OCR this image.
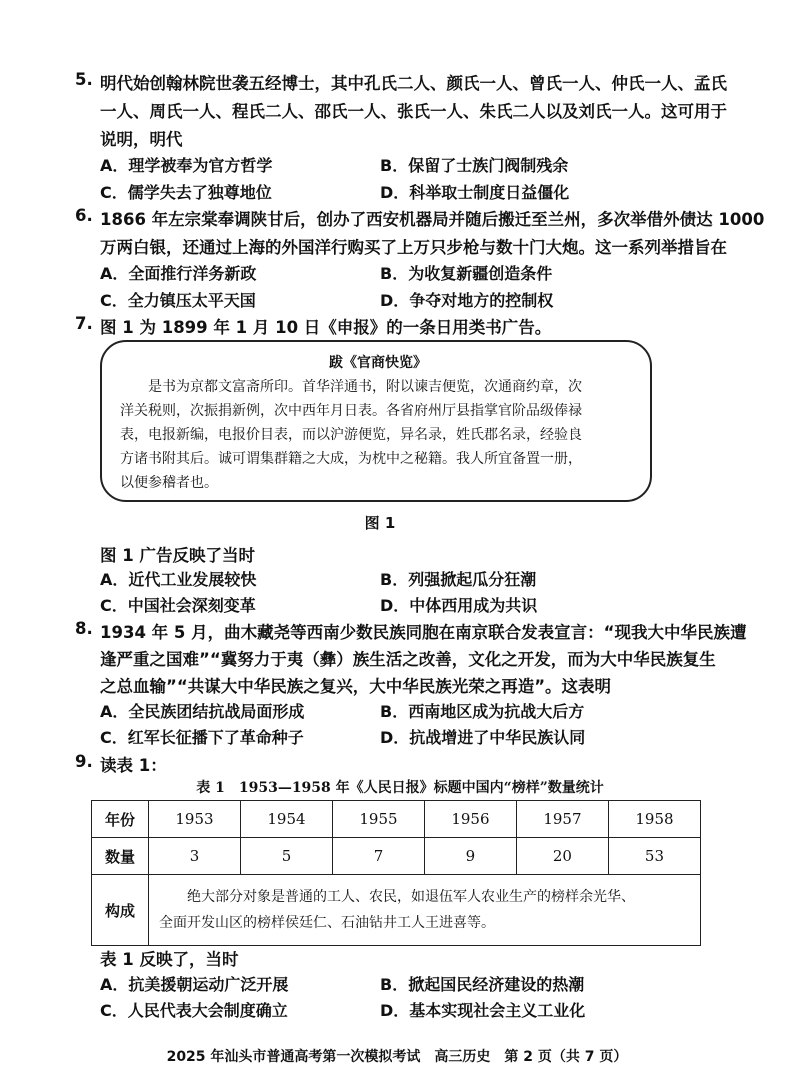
5. 明代始创翰林院世袭五经博士，其中孔氏二人、颜氏一人、曾氏一人、仲氏一人、孟氏
一人、周氏一人、程氏二人、邵氏一人、张氏一人、朱氏二人以及刘氏一人。这可用于
说明，明代
A．理学被奉为官方哲学	B．保留了士族门阀制残余
C．儒学失去了独尊地位	D．科举取士制度日益僵化
6. 1866 年左宗棠奉调陕甘后，创办了西安机器局并随后搬迁至兰州，多次举借外债达 1000
万两白银，还通过上海的外国洋行购买了上万只步枪与数十门大炮。这一系列举措旨在
A．全面推行洋务新政	B．为收复新疆创造条件
C．全力镇压太平天国	D．争夺对地方的控制权
7. 图 1 为 1899 年 1 月 10 日《申报》的一条日用类书广告。
跋《官商快览》
是书为京都文富斋所印。首华洋通书，附以谏吉便览，次通商约章，次
洋关税则，次振捐新例，次中西年月日表。各省府州厅县指掌官阶品级俸禄
表，电报新编，电报价目表，而以沪游便览，异名录，姓氏郡名录，经验良
方诸书附其后。诚可谓集群籍之大成，为枕中之秘籍。我人所宜备置一册，
以便参稽者也。
图 1
图 1 广告反映了当时
A．近代工业发展较快	B．列强掀起瓜分狂潮
C．中国社会深刻变革	D．中体西用成为共识
8. 1934 年 5 月，曲木藏尧等西南少数民族同胞在南京联合发表宣言：“现我大中华民族遭
逢严重之国难”“冀努力于夷（彝）族生活之改善，文化之开发，而为大中华民族复生
之总血输”“共谋大中华民族之复兴，大中华民族光荣之再造”。这表明
A．全民族团结抗战局面形成	B．西南地区成为抗战大后方
C．红军长征播下了革命种子	D．抗战增进了中华民族认同
9. 读表 1：
表 1　1953—1958 年《人民日报》标题中国内“榜样”数量统计
年份	1953	1954	1955	1956	1957	1958
数量	3	5	7	9	20	53
构成	绝大部分对象是普通的工人、农民，如退伍军人农业生产的榜样余光华、
全面开发山区的榜样侯廷仁、石油钻井工人王进喜等。					
表 1 反映了，当时
A．抗美援朝运动广泛开展	B．掀起国民经济建设的热潮
C．人民代表大会制度确立	D．基本实现社会主义工业化
2025 年汕头市普通高考第一次模拟考试　高三历史　第 2 页（共 7 页）
